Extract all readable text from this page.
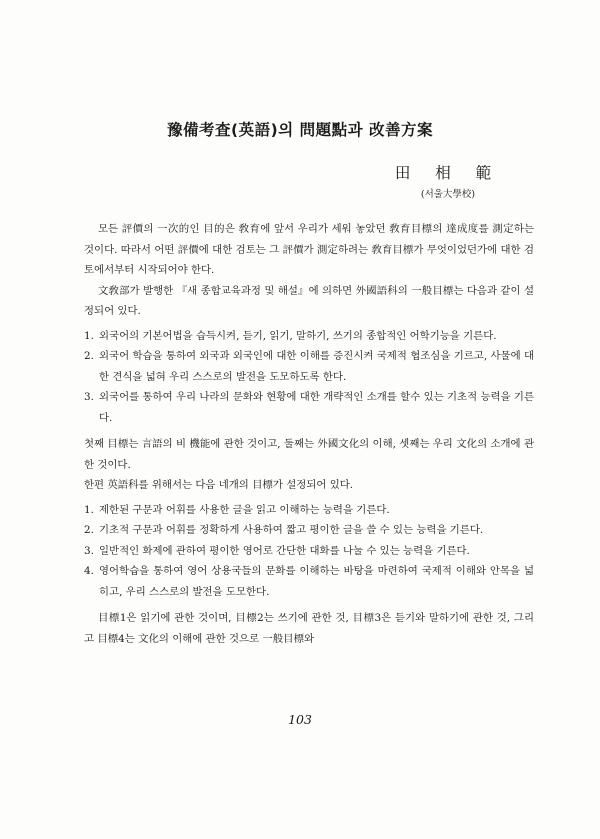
豫備考査(英語)의 問題點과 改善方案
田 相 範
(서울大學校)

모든 評價의 一次的인 目的은 敎育에 앞서 우리가 세워 놓았던 敎育目標의 達成度를 測定하는 것이다. 따라서 어떤 評價에 대한 검토는 그 評價가 測定하려는 敎育目標가 무엇이었던가에 대한 검토에서부터 시작되어야 한다.

文敎部가 발행한 『새 종합교육과정 및 해설』에 의하면 外國語科의 一般目標는 다음과 같이 설정되어 있다.

1. 외국어의 기본어법을 습득시켜, 듣기, 읽기, 말하기, 쓰기의 종합적인 어학기능을 기른다.
2. 외국어 학습을 통하여 외국과 외국인에 대한 이해를 증진시켜 국제적 협조심을 기르고, 사물에 대한 견식을 넓혀 우리 스스로의 발전을 도모하도록 한다.
3. 외국어를 통하여 우리 나라의 문화와 현황에 대한 개략적인 소개를 할수 있는 기초적 능력을 기른다.

첫째 目標는 言語의 비 機能에 관한 것이고, 둘째는 外國文化의 이해, 셋째는 우리 文化의 소개에 관한 것이다.

한편 英語科를 위해서는 다음 네개의 目標가 설정되어 있다.

1. 제한된 구문과 어휘를 사용한 글을 읽고 이해하는 능력을 기른다.
2. 기초적 구문과 어휘를 정확하게 사용하여 짧고 평이한 글을 쓸 수 있는 능력을 기른다.
3. 일반적인 화제에 관하여 평이한 영어로 간단한 대화를 나눌 수 있는 능력을 기른다.
4. 영어학습을 통하여 영어 상용국들의 문화를 이해하는 바탕을 마련하여 국제적 이해와 안목을 넓히고, 우리 스스로의 발전을 도모한다.

目標1은 읽기에 관한 것이며, 目標2는 쓰기에 관한 것, 目標3은 듣기와 말하기에 관한 것, 그리고 目標4는 文化의 이해에 관한 것으로 一般目標와

103
